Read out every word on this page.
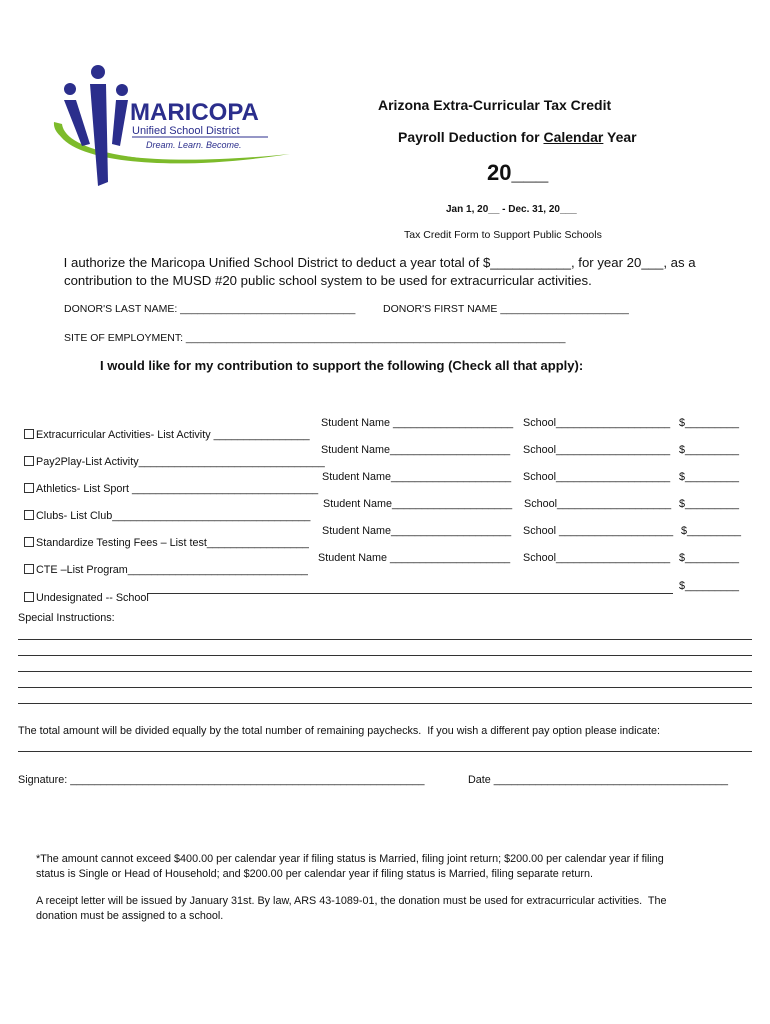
MARICOPA
Unified School District
Dream. Learn. Become.
Arizona Extra-Curricular Tax Credit
Payroll Deduction for Calendar Year
20___
Jan 1, 20__ - Dec. 31, 20___
Tax Credit Form to Support Public Schools
I authorize the Maricopa Unified School District to deduct a year total of $___________, for year 20___, as a
contribution to the MUSD #20 public school system to be used for extracurricular activities.
DONOR'S LAST NAME: ______________________________	DONOR'S FIRST NAME ______________________
SITE OF EMPLOYMENT: _________________________________________________________________
I would like for my contribution to support the following (Check all that apply):

Extracurricular Activities- List Activity ________________

Student Name ____________________ School___________________ $_________

Pay2Play-List Activity_______________________________

Student Name____________________ School___________________ $_________

Athletics- List Sport _______________________________

Student Name____________________ School___________________ $_________

Clubs- List Club_________________________________

Student Name____________________ School___________________ $_________

Standardize Testing Fees – List test_________________

Student Name____________________ School ___________________ $_________

CTE –List Program______________________________

Student Name ____________________ School___________________ $_________

Undesignated -- School

$_________
Special Instructions:
The total amount will be divided equally by the total number of remaining paychecks.  If you wish a different pay option please indicate:
Signature: ___________________________________________________________	Date _______________________________________
*The amount cannot exceed $400.00 per calendar year if filing status is Married, filing joint return; $200.00 per calendar year if filing
status is Single or Head of Household; and $200.00 per calendar year if filing status is Married, filing separate return.
A receipt letter will be issued by January 31st. By law, ARS 43-1089-01, the donation must be used for extracurricular activities.  The
donation must be assigned to a school.
